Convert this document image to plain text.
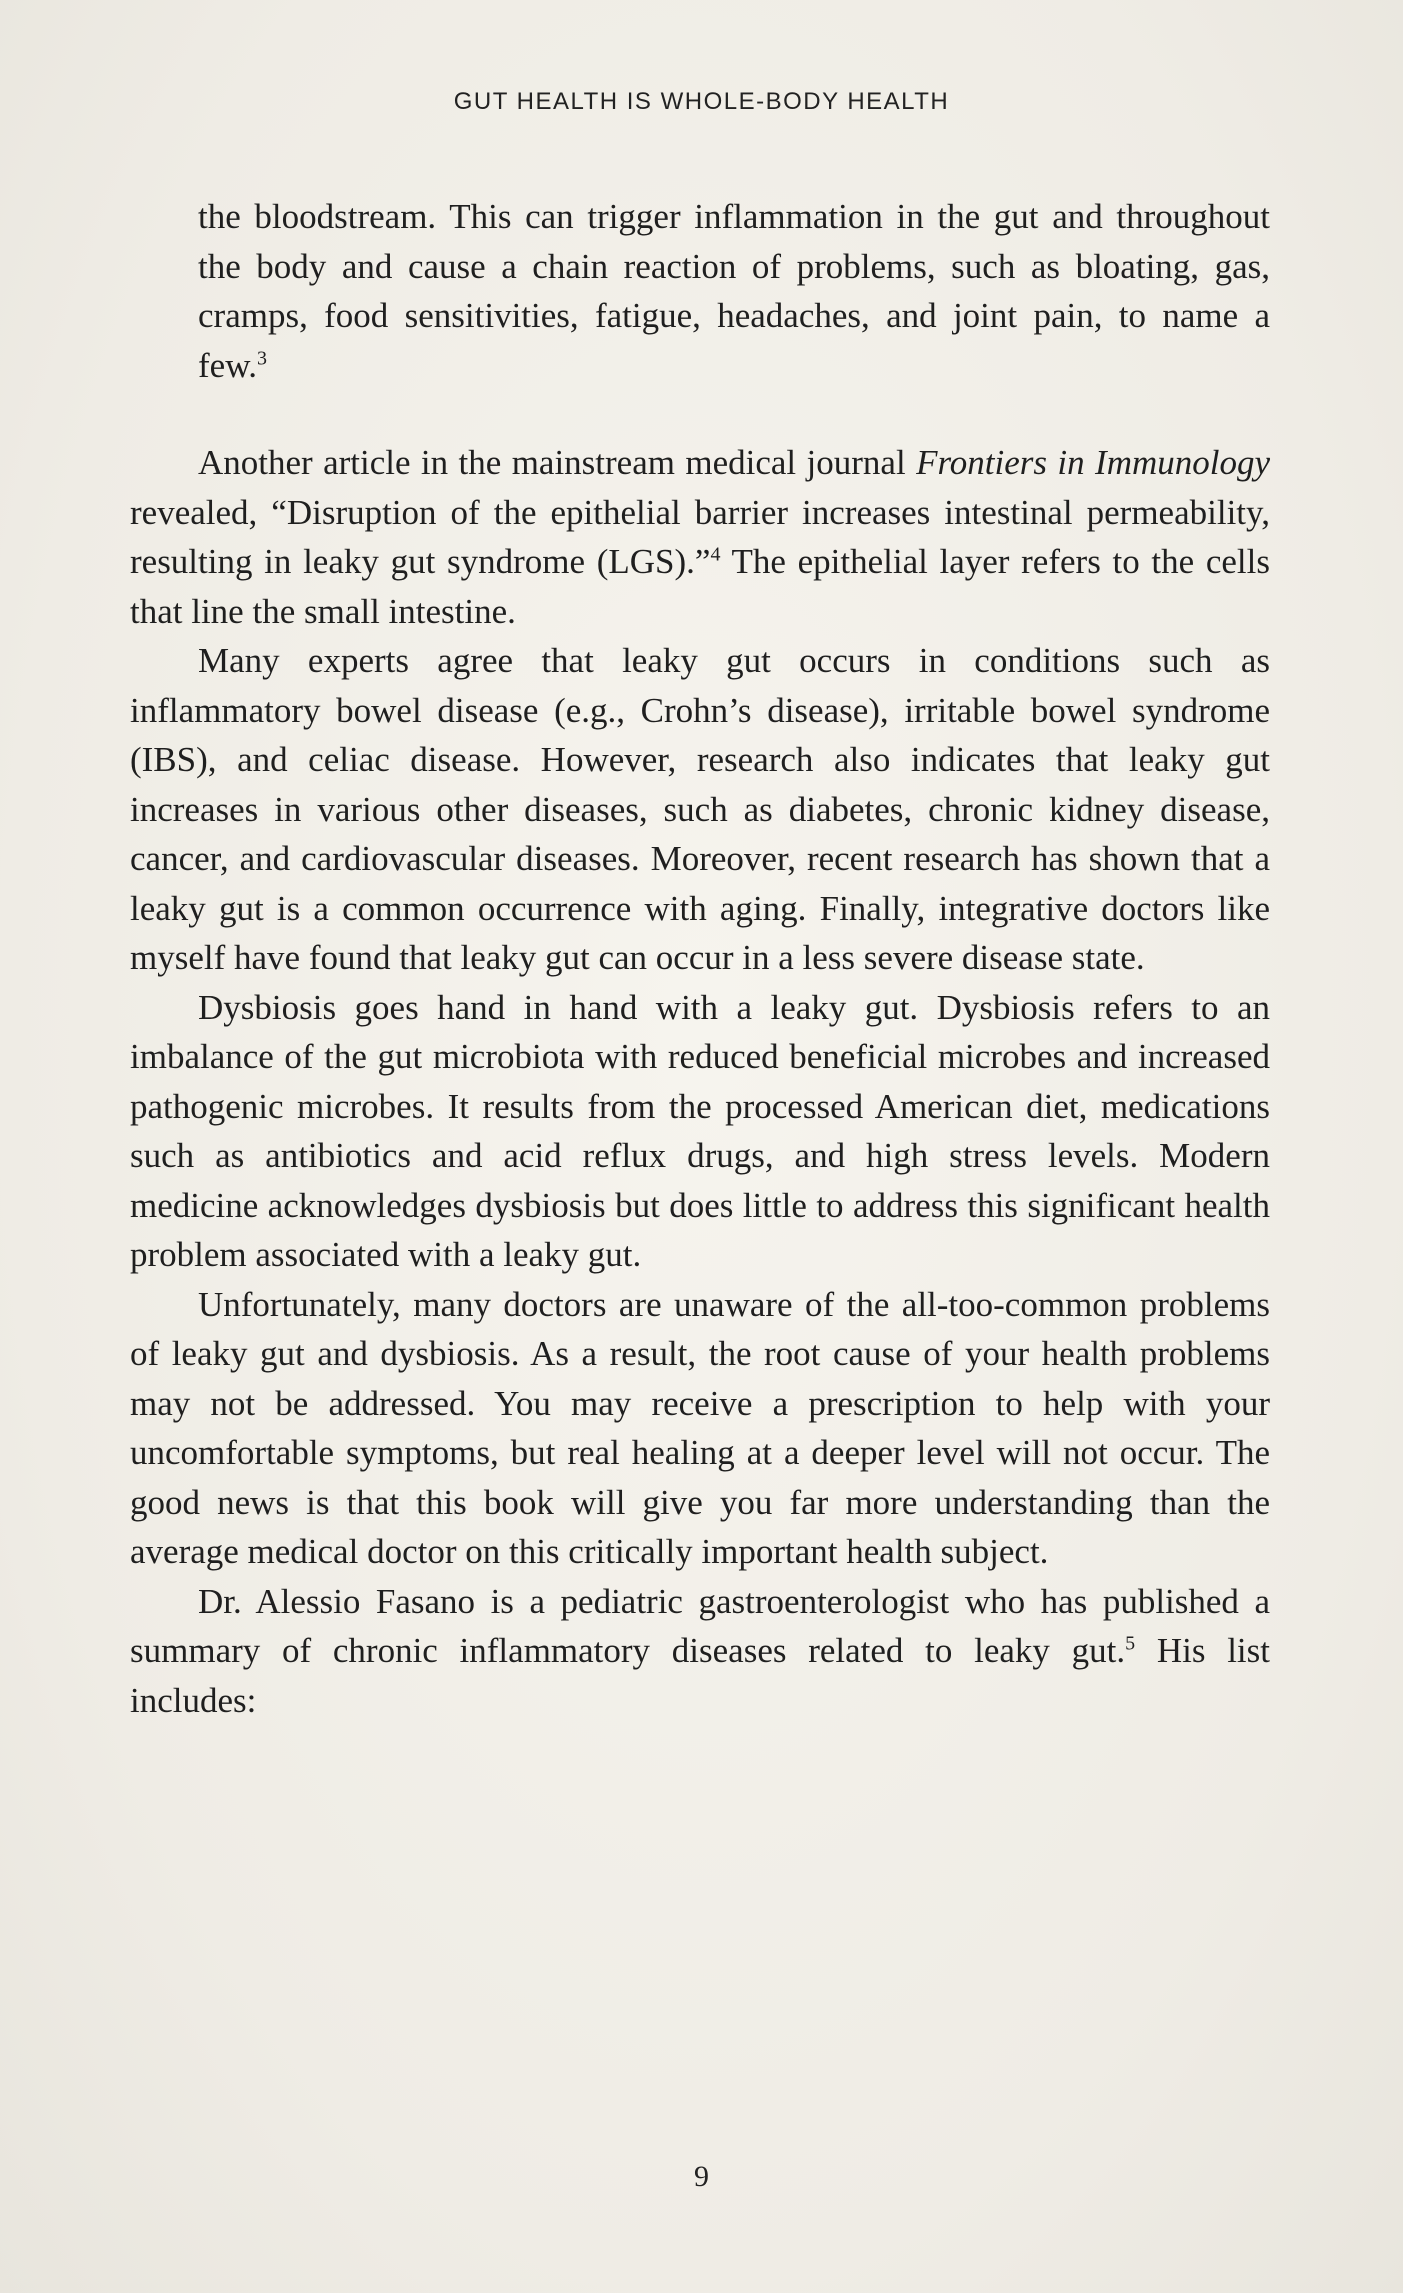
GUT HEALTH IS WHOLE-BODY HEALTH

the bloodstream. This can trigger inflammation in the gut and throughout the body and cause a chain reaction of problems, such as bloating, gas, cramps, food sensitivities, fatigue, headaches, and joint pain, to name a few.$^3$

Another article in the mainstream medical journal Frontiers in Immunology revealed, “Disruption of the epithelial barrier increases intestinal permeability, resulting in leaky gut syndrome (LGS).”$^4$ The epithelial layer refers to the cells that line the small intestine.

Many experts agree that leaky gut occurs in conditions such as inflammatory bowel disease (e.g., Crohn’s disease), irritable bowel syndrome (IBS), and celiac disease. However, research also indicates that leaky gut increases in various other diseases, such as diabetes, chronic kidney disease, cancer, and cardiovascular diseases. Moreover, recent research has shown that a leaky gut is a common occurrence with aging. Finally, integrative doctors like myself have found that leaky gut can occur in a less severe disease state.

Dysbiosis goes hand in hand with a leaky gut. Dysbiosis refers to an imbalance of the gut microbiota with reduced beneficial microbes and increased pathogenic microbes. It results from the processed American diet, medications such as antibiotics and acid reflux drugs, and high stress levels. Modern medicine acknowledges dysbiosis but does little to address this significant health problem associated with a leaky gut.

Unfortunately, many doctors are unaware of the all-too-common problems of leaky gut and dysbiosis. As a result, the root cause of your health problems may not be addressed. You may receive a prescription to help with your uncomfortable symptoms, but real healing at a deeper level will not occur. The good news is that this book will give you far more understanding than the average medical doctor on this critically important health subject.

Dr. Alessio Fasano is a pediatric gastroenterologist who has published a summary of chronic inflammatory diseases related to leaky gut.$^5$ His list includes:

9
